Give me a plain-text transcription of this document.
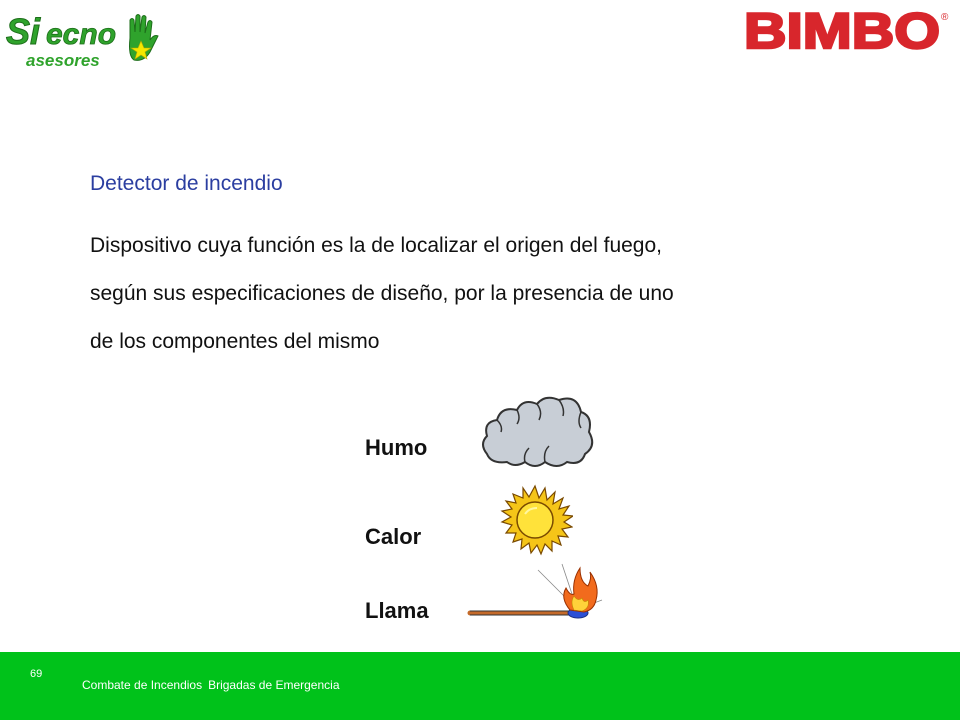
Si ecno
asesores
BIMBO ®
Detector de incendio
Dispositivo cuya función es la de localizar el origen del fuego,
según sus especificaciones de diseño, por la presencia de uno
de los componentes del mismo
Humo
Calor
Llama
69
Combate de Incendios Brigadas de Emergencia
